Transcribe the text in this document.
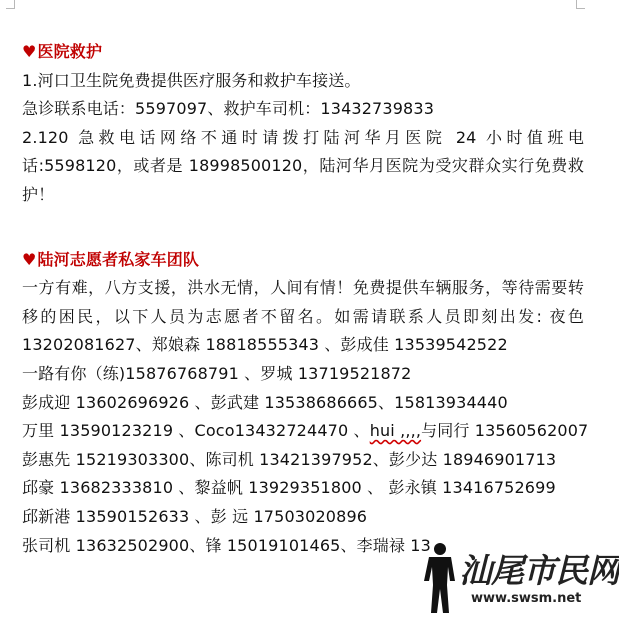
♥医院救护
1.河口卫生院免费提供医疗服务和救护车接送。
急诊联系电话：5597097、救护车司机：13432739833
2.120 急救电话网络不通时请拨打陆河华月医院 24 小时值班电话:5598120，或者是 18998500120，陆河华月医院为受灾群众实行免费救护！
♥陆河志愿者私家车团队
一方有难，八方支援，洪水无情，人间有情！免费提供车辆服务，等待需要转移的困民，以下人员为志愿者不留名。如需请联系人员即刻出发: 夜色 13202081627、郑娘森 18818555343 、彭成佳 13539542522
一路有你（练)15876768791 、罗城 13719521872
彭成迎 13602696926 、彭武建 13538686665、15813934440
万里 13590123219 、Coco13432724470 、hui ,,,,与同行 13560562007
彭惠先 15219303300、陈司机 13421397952、彭少达 18946901713
邱豪 13682333810 、黎益帆 13929351800 、 彭永镇 13416752699
邱新港 13590152633 、彭 远 17503020896
张司机 13632502900、锋 15019101465、李瑞禄 13
汕尾市民网
www.swsm.net
